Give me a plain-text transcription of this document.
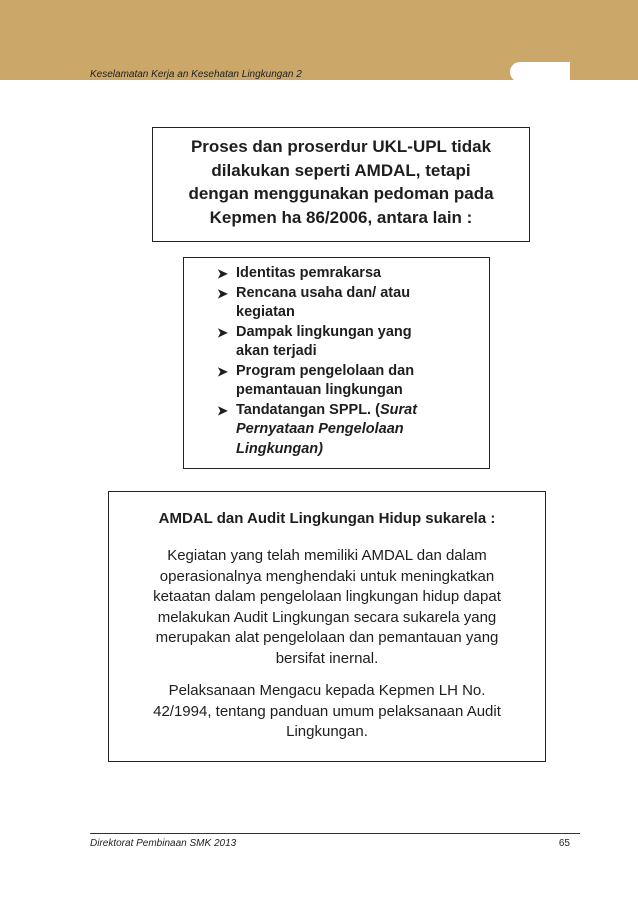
Keselamatan Kerja an Kesehatan Lingkungan 2
Proses dan proserdur UKL-UPL tidak
dilakukan seperti AMDAL, tetapi
dengan menggunakan pedoman pada
Kepmen ha 86/2006, antara lain :
➤ Identitas pemrakarsa
➤ Rencana usaha dan/ atau
kegiatan
➤ Dampak lingkungan yang
akan terjadi
➤ Program pengelolaan dan
pemantauan lingkungan
➤ Tandatangan SPPL. (Surat
Pernyataan Pengelolaan
Lingkungan)
AMDAL dan Audit Lingkungan Hidup sukarela :
Kegiatan yang telah memiliki AMDAL dan dalam
operasionalnya menghendaki untuk meningkatkan
ketaatan dalam pengelolaan lingkungan hidup dapat
melakukan Audit Lingkungan secara sukarela yang
merupakan alat pengelolaan dan pemantauan yang
bersifat inernal.
Pelaksanaan Mengacu kepada Kepmen LH No.
42/1994, tentang panduan umum pelaksanaan Audit
Lingkungan.
Direktorat Pembinaan SMK 2013	65
